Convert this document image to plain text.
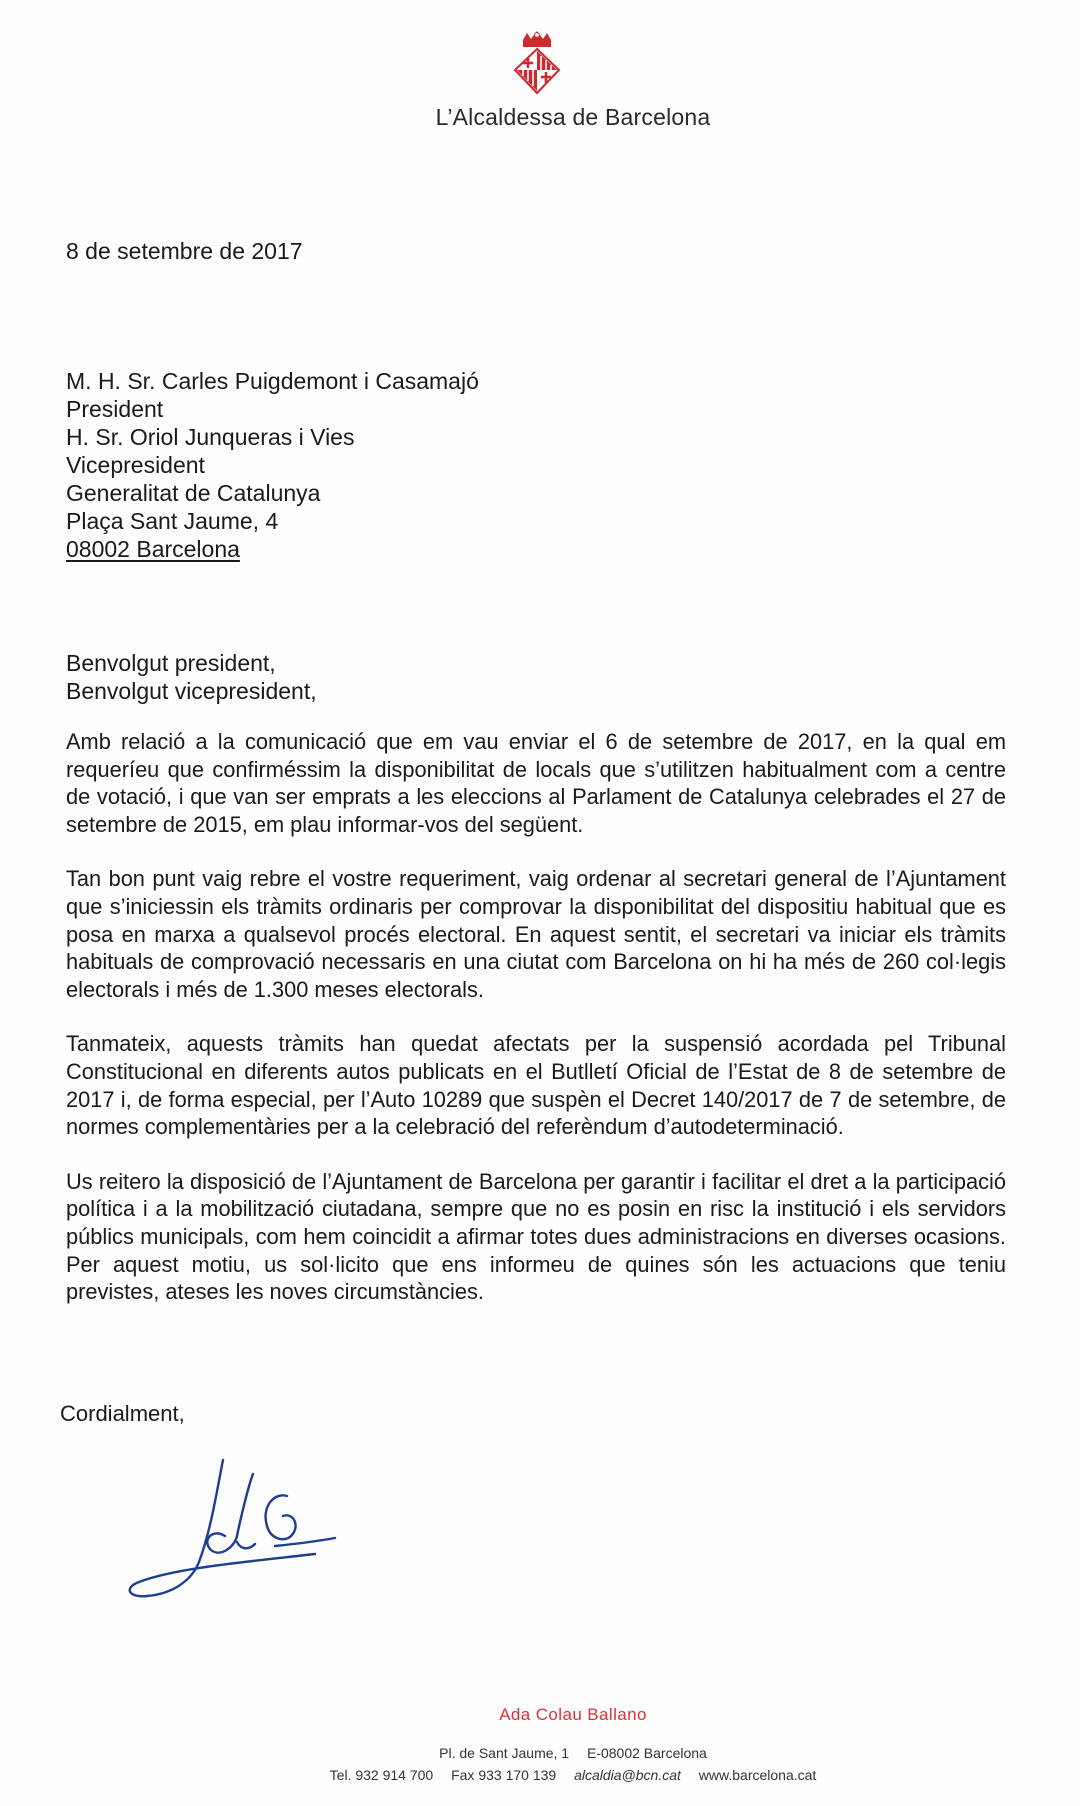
L’Alcaldessa de Barcelona
8 de setembre de 2017
M. H. Sr. Carles Puigdemont i Casamajó
President
H. Sr. Oriol Junqueras i Vies
Vicepresident
Generalitat de Catalunya
Plaça Sant Jaume, 4
08002 Barcelona
Benvolgut president,
Benvolgut vicepresident,

Amb relació a la comunicació que em vau enviar el 6 de setembre de 2017, en la qual em requeríeu que confirméssim la disponibilitat de locals que s’utilitzen habitualment com a centre de votació, i que van ser emprats a les eleccions al Parlament de Catalunya celebrades el 27 de setembre de 2015, em plau informar-vos del següent.

Tan bon punt vaig rebre el vostre requeriment, vaig ordenar al secretari general de l’Ajuntament que s’iniciessin els tràmits ordinaris per comprovar la disponibilitat del dispositiu habitual que es posa en marxa a qualsevol procés electoral. En aquest sentit, el secretari va iniciar els tràmits habituals de comprovació necessaris en una ciutat com Barcelona on hi ha més de 260 col·legis electorals i més de 1.300 meses electorals.

Tanmateix, aquests tràmits han quedat afectats per la suspensió acordada pel Tribunal Constitucional en diferents autos publicats en el Butlletí Oficial de l’Estat de 8 de setembre de 2017 i, de forma especial, per l’Auto 10289 que suspèn el Decret 140/2017 de 7 de setembre, de normes complementàries per a la celebració del referèndum d’autodeterminació.

Us reitero la disposició de l’Ajuntament de Barcelona per garantir i facilitar el dret a la participació política i a la mobilització ciutadana, sempre que no es posin en risc la institució i els servidors públics municipals, com hem coincidit a afirmar totes dues administracions en diverses ocasions. Per aquest motiu, us sol·licito que ens informeu de quines són les actuacions que teniu previstes, ateses les noves circumstàncies.

Cordialment,
Ada Colau Ballano
Pl. de Sant Jaume, 1 E-08002 Barcelona
Tel. 932 914 700 Fax 933 170 139 alcaldia@bcn.cat www.barcelona.cat
